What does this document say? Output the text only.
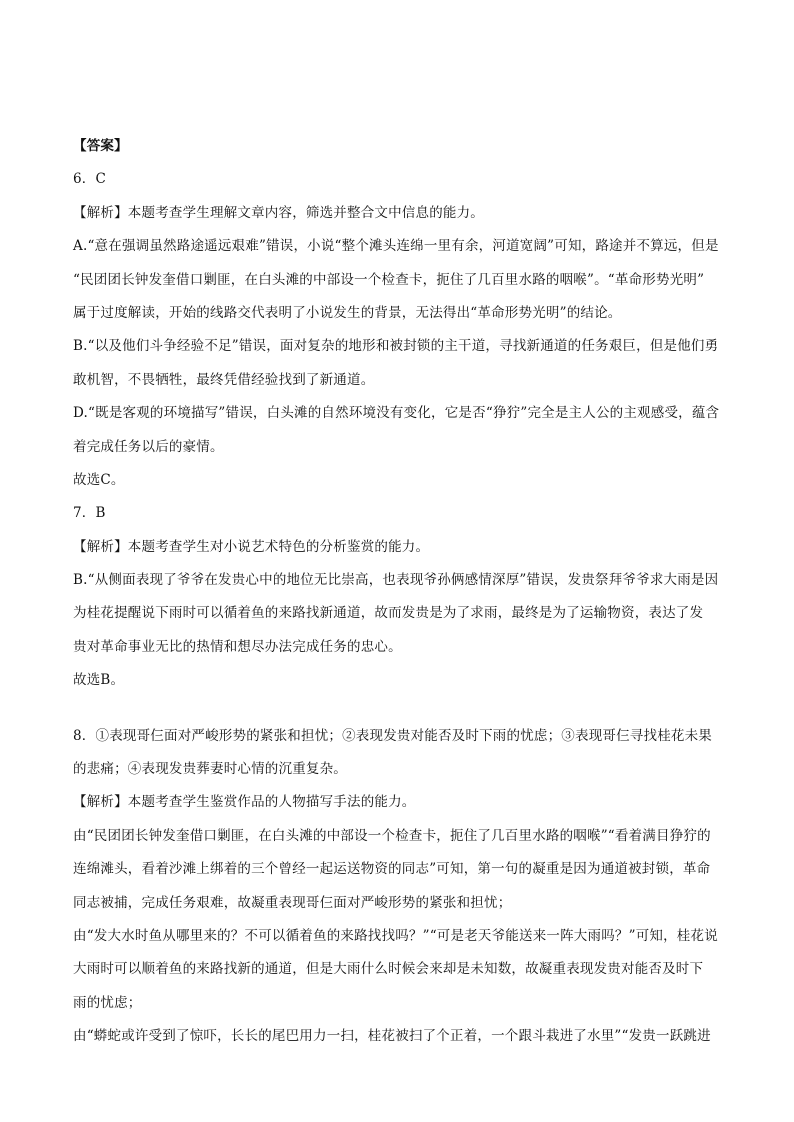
【答案】
6．C
【解析】本题考查学生理解文章内容，筛选并整合文中信息的能力。
A.“意在强调虽然路途遥远艰难”错误，小说“整个滩头连绵一里有余，河道宽阔”可知，路途并不算远，但是
“民团团长钟发奎借口剿匪，在白头滩的中部设一个检查卡，扼住了几百里水路的咽喉”。“革命形势光明”
属于过度解读，开始的线路交代表明了小说发生的背景，无法得出“革命形势光明”的结论。
B.“以及他们斗争经验不足”错误，面对复杂的地形和被封锁的主干道，寻找新通道的任务艰巨，但是他们勇
敢机智，不畏牺牲，最终凭借经验找到了新通道。
D.“既是客观的环境描写”错误，白头滩的自然环境没有变化，它是否“狰狞”完全是主人公的主观感受，蕴含
着完成任务以后的豪情。
故选C。
7．B
【解析】本题考查学生对小说艺术特色的分析鉴赏的能力。
B.“从侧面表现了爷爷在发贵心中的地位无比崇高，也表现爷孙俩感情深厚”错误，发贵祭拜爷爷求大雨是因
为桂花提醒说下雨时可以循着鱼的来路找新通道，故而发贵是为了求雨，最终是为了运输物资，表达了发
贵对革命事业无比的热情和想尽办法完成任务的忠心。
故选B。
8．①表现哥仨面对严峻形势的紧张和担忧；②表现发贵对能否及时下雨的忧虑；③表现哥仨寻找桂花未果
的悲痛；④表现发贵葬妻时心情的沉重复杂。
【解析】本题考查学生鉴赏作品的人物描写手法的能力。
由“民团团长钟发奎借口剿匪，在白头滩的中部设一个检查卡，扼住了几百里水路的咽喉”“看着满目狰狞的
连绵滩头，看着沙滩上绑着的三个曾经一起运送物资的同志”可知，第一句的凝重是因为通道被封锁，革命
同志被捕，完成任务艰难，故凝重表现哥仨面对严峻形势的紧张和担忧；
由“发大水时鱼从哪里来的？不可以循着鱼的来路找找吗？”“可是老天爷能送来一阵大雨吗？”可知，桂花说
大雨时可以顺着鱼的来路找新的通道，但是大雨什么时候会来却是未知数，故凝重表现发贵对能否及时下
雨的忧虑；
由“蟒蛇或许受到了惊吓，长长的尾巴用力一扫，桂花被扫了个正着，一个跟斗栽进了水里”“发贵一跃跳进
